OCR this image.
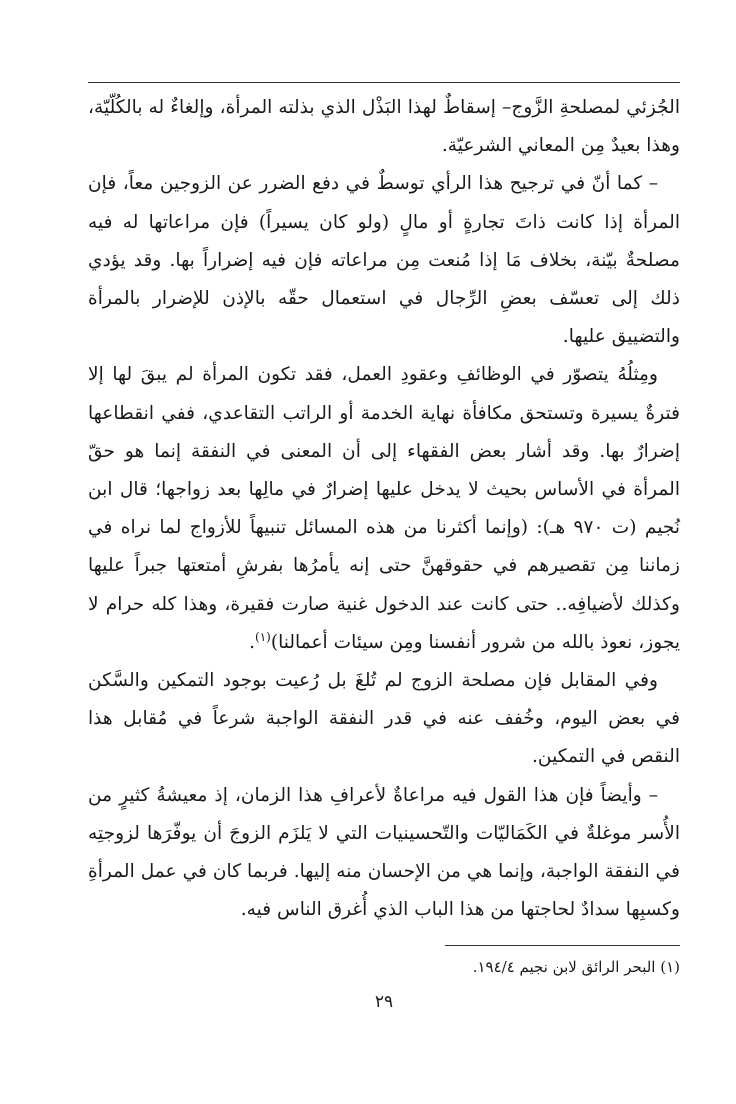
الجُزئي لمصلحةِ الزَّوج– إسقاطٌ لهذا البَذْل الذي بذلته المرأة، وإلغاءٌ له بالكُلّيّة، وهذا بعيدٌ مِن المعاني الشرعيّة.

– كما أنّ في ترجيح هذا الرأي توسطٌ في دفع الضرر عن الزوجين معاً، فإن المرأة إذا كانت ذاتَ تجارةٍ أو مالٍ (ولو كان يسيراً) فإن مراعاتها له فيه مصلحةٌ بيّنة، بخلاف مَا إذا مُنعت مِن مراعاته فإن فيه إضراراً بها. وقد يؤدي ذلك إلى تعسّف بعضِ الرِّجال في استعمال حقّه بالإذن للإضرار بالمرأة والتضييق عليها.

ومِثلُهُ يتصوّر في الوظائفِ وعقودِ العمل، فقد تكون المرأة لم يبقَ لها إلا فترةٌ يسيرة وتستحق مكافأة نهاية الخدمة أو الراتب التقاعدي، ففي انقطاعها إضرارٌ بها. وقد أشار بعض الفقهاء إلى أن المعنى في النفقة إنما هو حقّ المرأة في الأساس بحيث لا يدخل عليها إضرارٌ في مالِها بعد زواجها؛ قال ابن نُجيم (ت ٩٧٠ هـ): (وإنما أكثرنا من هذه المسائل تنبيهاً للأزواج لما نراه في زماننا مِن تقصيرهم في حقوقهنَّ حتى إنه يأمرُها بفرشِ أمتعتها جبراً عليها وكذلك لأضيافِه.. حتى كانت عند الدخول غنية صارت فقيرة، وهذا كله حرام لا يجوز، نعوذ بالله من شرور أنفسنا ومِن سيئات أعمالنا)$^{(١)}$.

وفي المقابل فإن مصلحة الزوج لم تُلغَ بل رُعيت بوجود التمكين والسَّكن في بعض اليوم، وخُفف عنه في قدر النفقة الواجبة شرعاً في مُقابل هذا النقص في التمكين.

– وأيضاً فإن هذا القول فيه مراعاةٌ لأعرافِ هذا الزمان، إذ معيشةُ كثيرٍ من الأُسر موغلةٌ في الكَمَاليّات والتّحسينيات التي لا يَلزَم الزوجَ أن يوفّرَها لزوجتِه في النفقة الواجبة، وإنما هي من الإحسان منه إليها. فربما كان في عمل المرأةِ وكسبِها سدادٌ لحاجتها من هذا الباب الذي أُغرق الناس فيه.

(١) البحر الرائق لابن نجيم ١٩٤/٤.
٢٩
